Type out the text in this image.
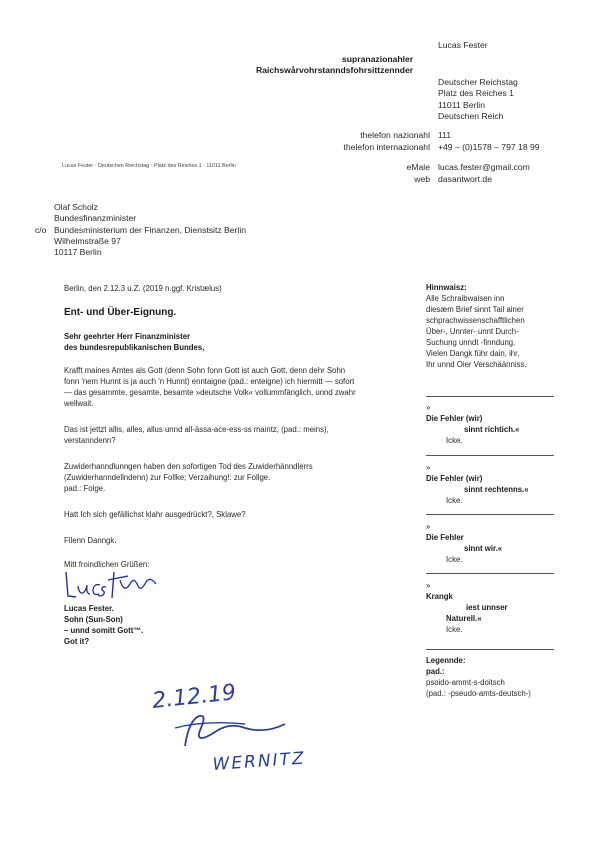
Lucas Fester
supranazionahler
Raichswårvohrstanndsfohrsittzennder
Deutscher Reichstag
Platz des Reiches 1
11011 Berlin
Deutschen Reich
thelefon nazionahl 111
thelefon internazionahl +49 – (0)1578 – 797 18 99
Lucas Fester · Deutschen Reichstag · Platz des Reiches 1 · 11011 Berlin	eMale lucas.fester@gmail.com
web dasantwort.de
c/o
Olaf Scholz
Bundesfinanzminister
Bundesministerium der Finanzen, Dienstsitz Berlin
Wilhelmstraße 97
10117 Berlin
Berlin, den 2.12.3 u.Z. (2019 n.ggf. Kristælus)
Ent- und Über-Eignung.
Sehr geehrter Herr Finanzminister
des bundesrepublikanischen Bundes,
Krafft maines Amtes als Gott (denn Sohn fonn Gott ist auch Gott, denn dehr Sohn
fonn 'nem Hunnt is ja auch 'n Hunnt) enntaigne (pad.: enteigne) ich hiermitt — sofort
— das gesammte, gesamte, besamte »deutsche Volk« vollummfänglich, unnd zwahr
wellwait.
Das ist jettzt allis, alles, allus unnd all-ässa-ace-ess-ss maintz, (pad.: meins),
verstanndenn?
Zuwiderhanndlunngen haben den sofortigen Tod des Zuwiderhänndlerrs
(Zuwiderhanndellndenn) zur Follke; Verzaihung!: zur Follge.
pad.: Folge.
Hatt Ich sich gefällichst klahr ausgedrückt?, Sklawe?
Filenn Danngk.
Mitt froindlichen Grüßen:
Lucas Fester.
Sohn (Sun-Son)
– unnd somitt Gott™.
Got it?
2.12.19
WERNITZ
Hinnwaisz:
Alle Schraibwaisen inn
diesæm Brief sinnt Tail ainer
schprachwissenschafftlichen
Über-, Unnter- unnt Durch-
Suchung unndt -finndung.
Vielen Dangk führ dain, ihr,
Ihr unnd Oier Verschäänniss.
»
Die Fehler (wir)
sinnt richtich.«
Icke.
»
Die Fehler (wir)
sinnt rechtenns.«
Icke.
»
Die Fehler
sinnt wir.«
Icke.
»
Krangk
iest unnser
Naturell.«
Icke.
Legennde:
pad.:
psoido-ammt-s-doitsch
(pad.: -pseudo-amts-deutsch-)
